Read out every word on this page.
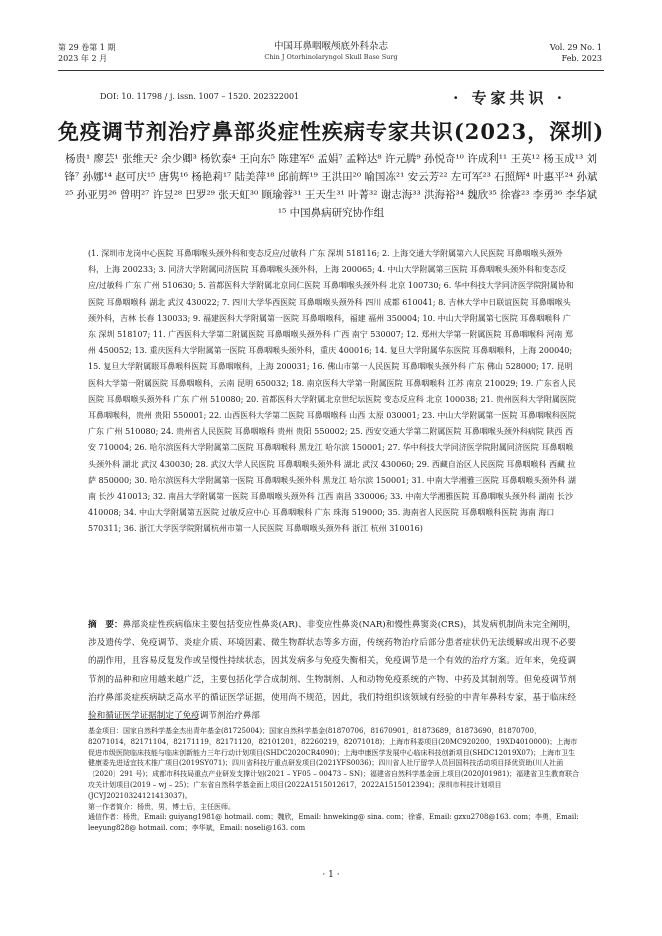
第 29 卷第 1 期
2023 年 2 月
中国耳鼻咽喉颅底外科杂志
Chin J Otorhinolaryngol Skull Base Surg
Vol. 29 No. 1
Feb. 2023
DOI: 10. 11798 / j. issn. 1007 – 1520. 202322001	· 专家共识 ·
免疫调节剂治疗鼻部炎症性疾病专家共识(2023，深圳)
杨贵¹ 廖芸¹ 张维天² 余少卿³ 杨钦泰⁴ 王向东⁵ 陈建军⁶ 孟娟⁷ 孟粹达⁸ 许元腾⁹ 孙悦奇¹⁰ 许成利¹¹ 王英¹² 杨玉成¹³ 刘锋⁷ 孙娜¹⁴ 赵可庆¹⁵ 唐隽¹⁶ 杨艳莉¹⁷ 陆美萍¹⁸ 邱前辉¹⁹ 王洪田²⁰ 喻国冻²¹ 安云芳²² 左可军²³ 石照辉⁴ 叶惠平²⁴ 孙斌²⁵ 孙亚男²⁶ 曾明²⁷ 许昱²⁸ 巴罗²⁹ 张天虹³⁰ 顾瑜蓉³¹ 王天生³¹ 叶菁³² 谢志海³³ 洪海裕³⁴ 魏欣³⁵ 徐睿²³ 李勇³⁶ 李华斌¹⁵ 中国鼻病研究协作组
(1. 深圳市龙岗中心医院 耳鼻咽喉头颈外科和变态反应/过敏科 广东 深圳 518116; 2. 上海交通大学附属第六人民医院 耳鼻咽喉头颈外科，上海 200233; 3. 同济大学附属同济医院 耳鼻咽喉头颈外科，上海 200065; 4. 中山大学附属第三医院 耳鼻咽喉头颈外科和变态反应/过敏科 广东 广州 510630; 5. 首都医科大学附属北京同仁医院 耳鼻咽喉头颈外科 北京 100730; 6. 华中科技大学同济医学院附属协和医院 耳鼻咽喉科 湖北 武汉 430022; 7. 四川大学华西医院 耳鼻咽喉头颈外科 四川 成都 610041; 8. 吉林大学中日联谊医院 耳鼻咽喉头颈外科，吉林 长春 130033; 9. 福建医科大学附属第一医院 耳鼻咽喉科，福建 福州 350004; 10. 中山大学附属第七医院 耳鼻咽喉科 广东 深圳 518107; 11. 广西医科大学第二附属医院 耳鼻咽喉头颈外科 广西 南宁 530007; 12. 郑州大学第一附属医院 耳鼻咽喉科 河南 郑州 450052; 13. 重庆医科大学附属第一医院 耳鼻咽喉头颈外科，重庆 400016; 14. 复旦大学附属华东医院 耳鼻咽喉科，上海 200040; 15. 复旦大学附属眼耳鼻喉科医院 耳鼻咽喉科，上海 200031; 16. 佛山市第一人民医院 耳鼻咽喉头颈外科 广东 佛山 528000; 17. 昆明医科大学第一附属医院 耳鼻咽喉科，云南 昆明 650032; 18. 南京医科大学第一附属医院 耳鼻咽喉科 江苏 南京 210029; 19. 广东省人民医院 耳鼻咽喉头颈外科 广东 广州 510080; 20. 首都医科大学附属北京世纪坛医院 变态反应科 北京 100038; 21. 贵州医科大学附属医院 耳鼻咽喉科，贵州 贵阳 550001; 22. 山西医科大学第二医院 耳鼻咽喉科 山西 太原 030001; 23. 中山大学附属第一医院 耳鼻咽喉科医院 广东 广州 510080; 24. 贵州省人民医院 耳鼻咽喉科 贵州 贵阳 550002; 25. 西安交通大学第二附属医院 耳鼻咽喉头颈外科病院 陕西 西安 710004; 26. 哈尔滨医科大学附属第二医院 耳鼻咽喉科 黑龙江 哈尔滨 150001; 27. 华中科技大学同济医学院附属同济医院 耳鼻咽喉头颈外科 湖北 武汉 430030; 28. 武汉大学人民医院 耳鼻咽喉头颈外科 湖北 武汉 430060; 29. 西藏自治区人民医院 耳鼻咽喉科 西藏 拉萨 850000; 30. 哈尔滨医科大学附属第一医院 耳鼻咽喉头颈外科 黑龙江 哈尔滨 150001; 31. 中南大学湘雅三医院 耳鼻咽喉头颈外科 湖南 长沙 410013; 32. 南昌大学附属第一医院 耳鼻咽喉头颈外科 江西 南昌 330006; 33. 中南大学湘雅医院 耳鼻咽喉头颈外科 湖南 长沙 410008; 34. 中山大学附属第五医院 过敏反应中心 耳鼻咽喉科 广东 珠海 519000; 35. 海南省人民医院 耳鼻咽喉科医院 海南 海口 570311; 36. 浙江大学医学院附属杭州市第一人民医院 耳鼻咽喉头颈外科 浙江 杭州 310016)
摘　要：鼻部炎症性疾病临床主要包括变应性鼻炎(AR)、非变应性鼻炎(NAR)和慢性鼻窦炎(CRS)，其发病机制尚未完全阐明，涉及遗传学、免疫调节、炎症介质、环境因素、微生物群状态等多方面，传统药物治疗后部分患者症状仍无法缓解或出现不必要的副作用，且容易反复发作或呈慢性持续状态，因其发病多与免疫失衡相关，免疫调节是一个有效的治疗方案。近年来，免疫调节剂的品种和应用越来越广泛，主要包括化学合成制剂、生物制剂、人和动物免疫系统的产物、中药及其制剂等。但免疫调节剂治疗鼻部炎症疾病缺乏高水平的循证医学证据，使用尚不规范，因此，我们特组织该领域有经验的中青年鼻科专家，基于临床经验和循证医学证据制定了免疫调节剂治疗鼻部
基金项目：国家自然科学基金杰出青年基金(81725004)；国家自然科学基金(81870706，81670901，81873689，81873690，81870700，82071014，82171104，82171119，82171120，82101201，82260219，82071018)；上海市科委项目(20MC920200，19XD4010000)；上海市促进市级医院临床技能与临床创新能力三年行动计划项目(SHDC2020CR4090)；上海申康医学发展中心临床科技创新项目(SHDC12019X07)；上海市卫生健康委先进适宜技术推广项目(2019SY071)；四川省科技厅重点研发项目(2021YFS0036)；四川省人社厅留学人员回国科技活动项目择优资助(川人社函〔2020〕291 号)；成都市科技局重点产业研发支撑计划(2021 – YF05 – 00473 – SN)；福建省自然科学基金面上项目(2020J01981)；福建省卫生教育联合攻关计划项目(2019 – wj – 25)；广东省自然科学基金面上项目(2022A1515012617，2022A1515012394)；深圳市科技计划项目(JCYJ20210324121413037)。
第一作者简介：杨贵，男，博士后，主任医师。
通信作者：杨贵，Email: guiyang1981@ hotmail. com；魏欣，Email: hnweking@ sina. com；徐睿，Email: gzxu2708@163. com；李勇，Email: leeyung828@ hotmail. com；李华斌，Email: noseli@163. com
· 1 ·
